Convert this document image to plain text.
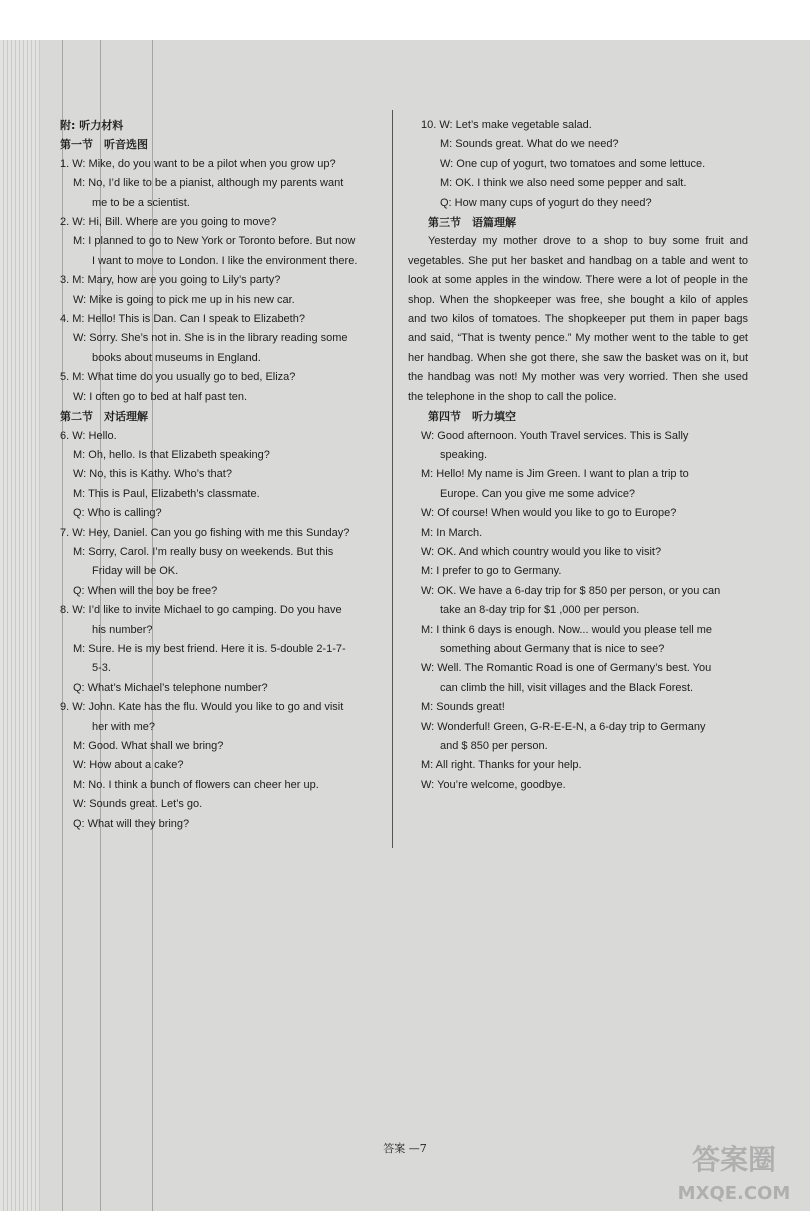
附: 听力材料
第一节　听音选图
1. W: Mike, do you want to be a pilot when you grow up?
M: No, I’d like to be a pianist, although my parents want
me to be a scientist.
2. W: Hi, Bill. Where are you going to move?
M: I planned to go to New York or Toronto before. But now
I want to move to London. I like the environment there.
3. M: Mary, how are you going to Lily’s party?
W: Mike is going to pick me up in his new car.
4. M: Hello! This is Dan. Can I speak to Elizabeth?
W: Sorry. She’s not in. She is in the library reading some
books about museums in England.
5. M: What time do you usually go to bed, Eliza?
W: I often go to bed at half past ten.
第二节　对话理解
6. W: Hello.
M: Oh, hello. Is that Elizabeth speaking?
W: No, this is Kathy. Who’s that?
M: This is Paul, Elizabeth’s classmate.
Q: Who is calling?
7. W: Hey, Daniel. Can you go fishing with me this Sunday?
M: Sorry, Carol. I’m really busy on weekends. But this
Friday will be OK.
Q: When will the boy be free?
8. W: I’d like to invite Michael to go camping. Do you have
his number?
M: Sure. He is my best friend. Here it is. 5-double 2-1-7-
5-3.
Q: What’s Michael’s telephone number?
9. W: John. Kate has the flu. Would you like to go and visit
her with me?
M: Good. What shall we bring?
W: How about a cake?
M: No. I think a bunch of flowers can cheer her up.
W: Sounds great. Let’s go.
Q: What will they bring?
10. W: Let’s make vegetable salad.
M: Sounds great. What do we need?
W: One cup of yogurt, two tomatoes and some lettuce.
M: OK. I think we also need some pepper and salt.
Q: How many cups of yogurt do they need?
第三节　语篇理解
Yesterday my mother drove to a shop to buy some fruit and vegetables. She put her basket and handbag on a table and went to look at some apples in the window. There were a lot of people in the shop. When the shopkeeper was free, she bought a kilo of apples and two kilos of tomatoes. The shopkeeper put them in paper bags and said, “That is twenty pence.” My mother went to the table to get her handbag. When she got there, she saw the basket was on it, but the handbag was not! My mother was very worried. Then she used the telephone in the shop to call the police.
第四节　听力填空
W: Good afternoon. Youth Travel services. This is Sally
speaking.
M: Hello! My name is Jim Green. I want to plan a trip to
Europe. Can you give me some advice?
W: Of course! When would you like to go to Europe?
M: In March.
W: OK. And which country would you like to visit?
M: I prefer to go to Germany.
W: OK. We have a 6-day trip for $ 850 per person, or you can
take an 8-day trip for $1 ,000 per person.
M: I think 6 days is enough. Now... would you please tell me
something about Germany that is nice to see?
W: Well. The Romantic Road is one of Germany’s best. You
can climb the hill, visit villages and the Black Forest.
M: Sounds great!
W: Wonderful! Green, G-R-E-E-N, a 6-day trip to Germany
and $ 850 per person.
M: All right. Thanks for your help.
W: You’re welcome, goodbye.
答案 —7	答案圈
MXQE.COM
